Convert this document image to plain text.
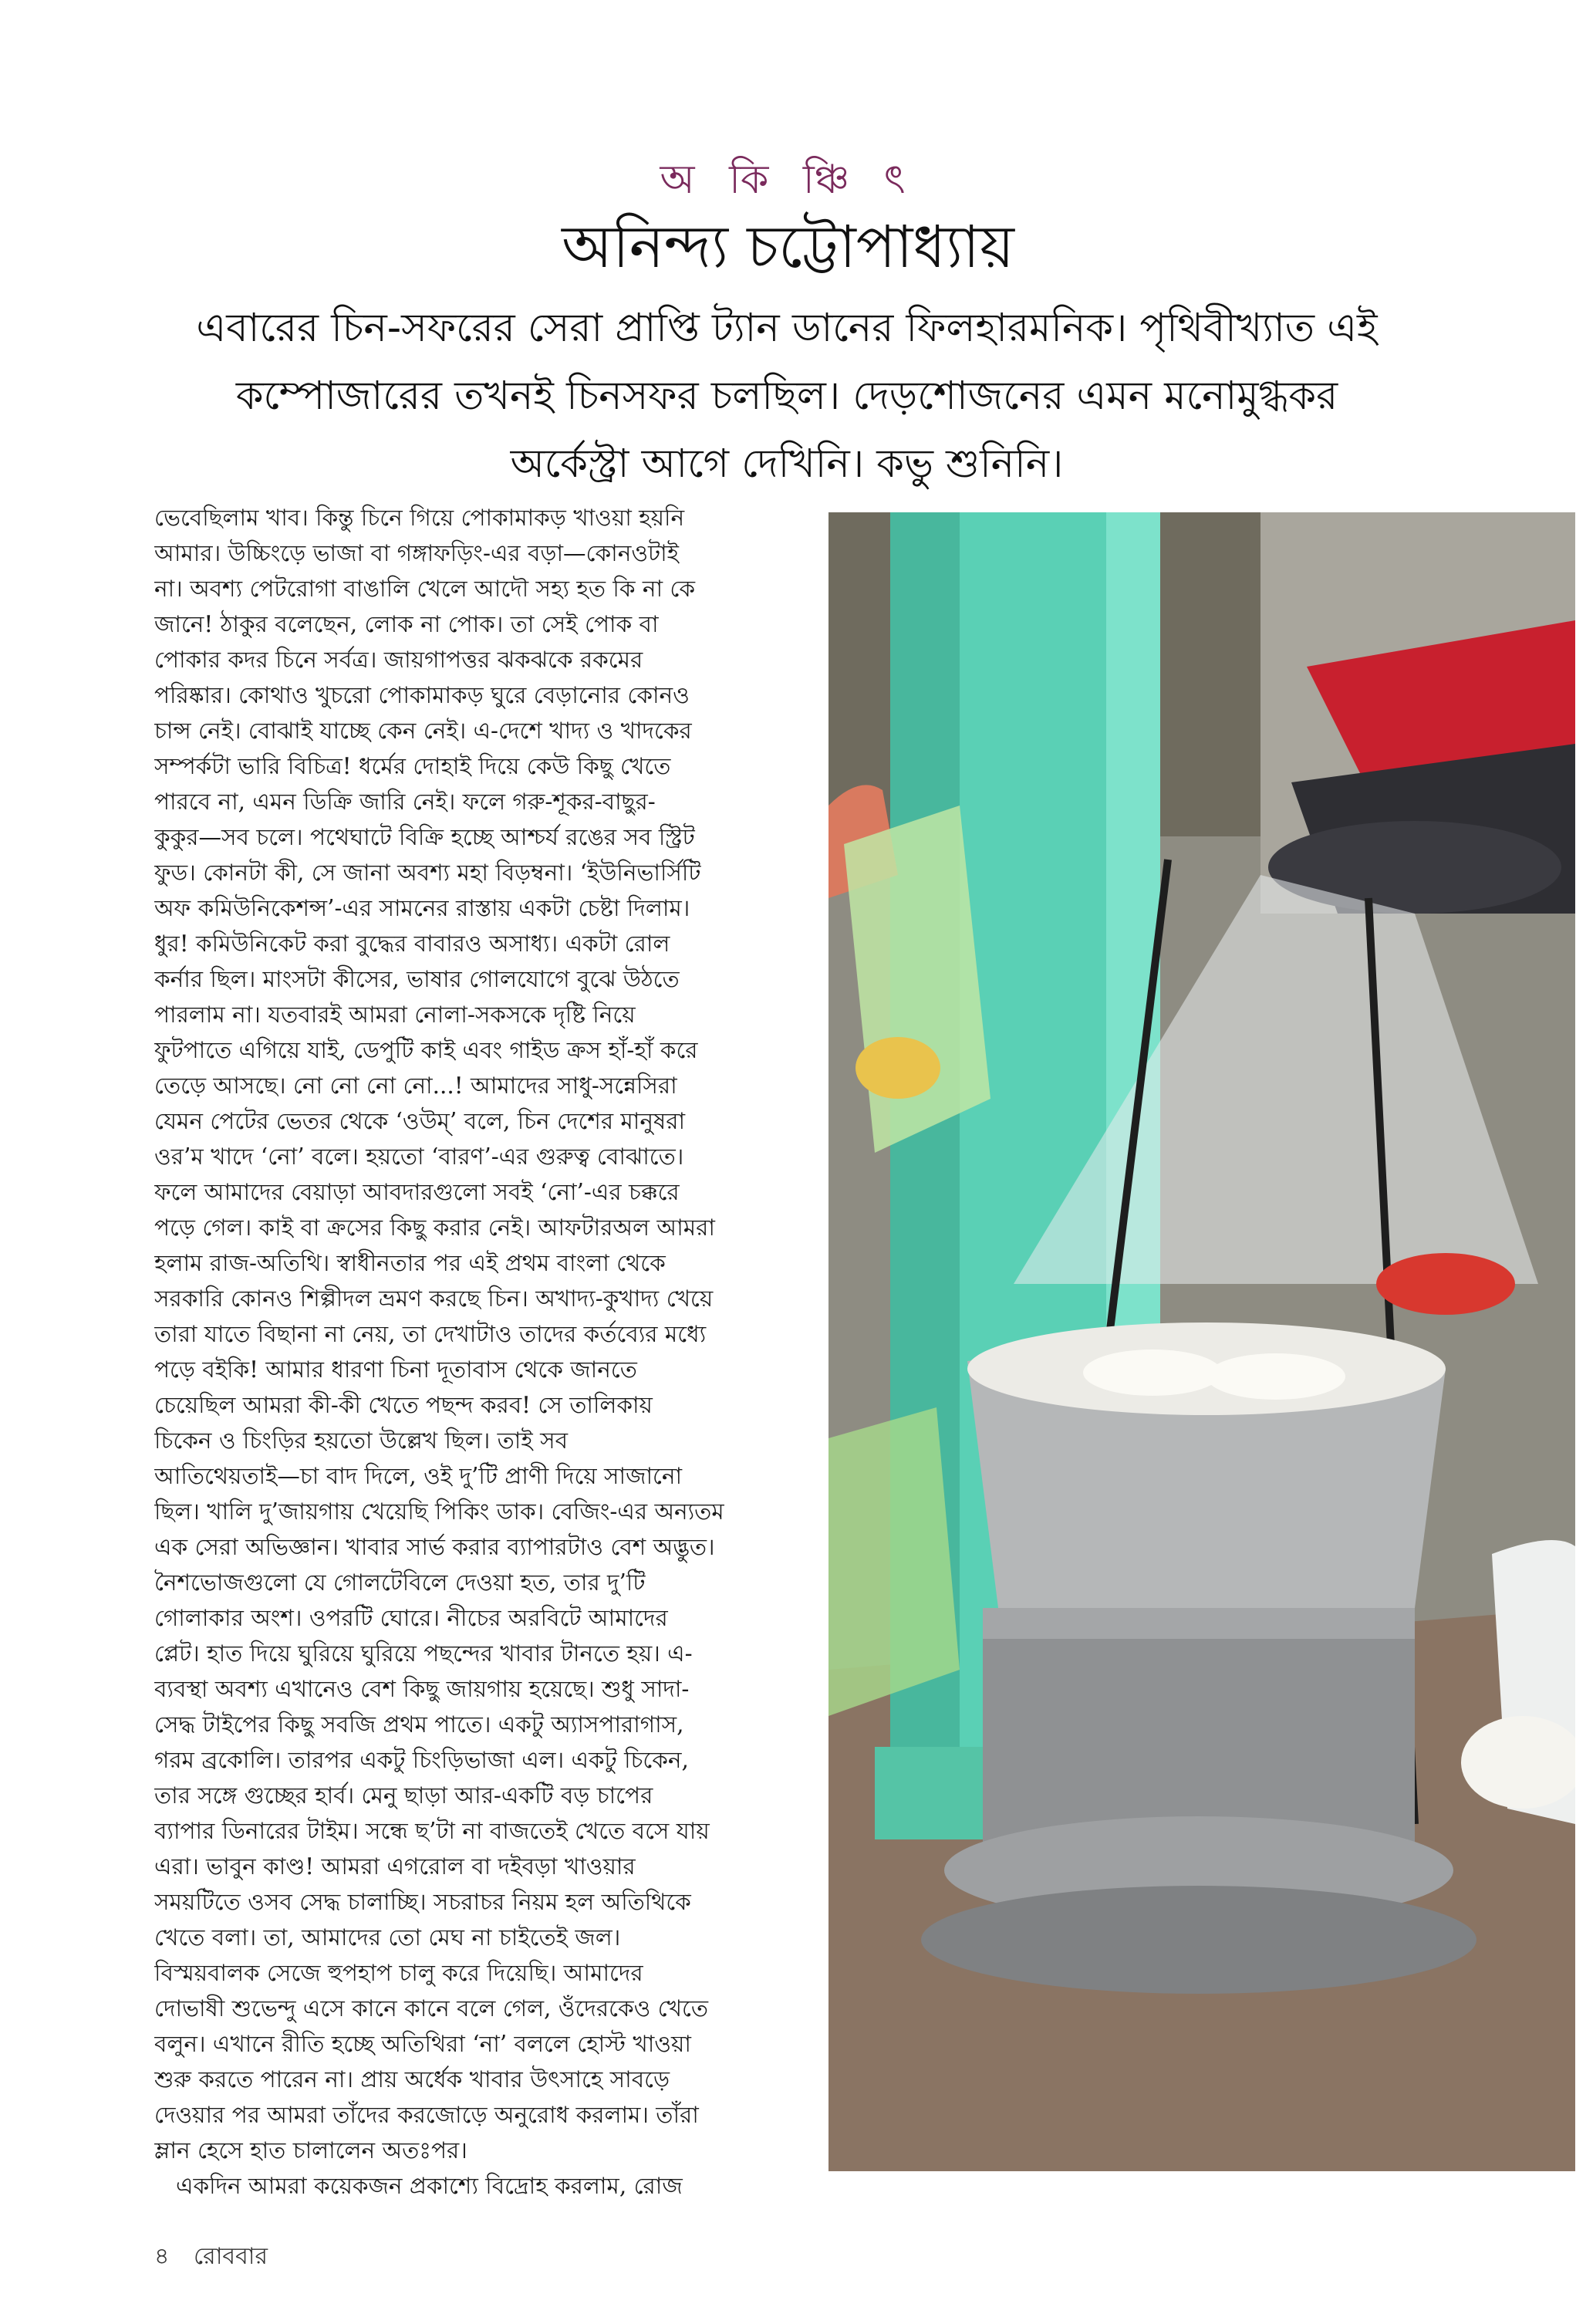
অ কি ঞ্চি ৎ
অনিন্দ্য চট্টোপাধ্যায়
এবারের চিন-সফরের সেরা প্রাপ্তি ট্যান ডানের ফিলহারমনিক। পৃথিবীখ্যাত এই
কম্পোজারের তখনই চিনসফর চলছিল। দেড়শোজনের এমন মনোমুগ্ধকর
অর্কেস্ট্রা আগে দেখিনি। কভু শুনিনি।
ভেবেছিলাম খাব। কিন্তু চিনে গিয়ে পোকামাকড় খাওয়া হয়নি
আমার। উচ্চিংড়ে ভাজা বা গঙ্গাফড়িং-এর বড়া—কোনওটাই
না। অবশ্য পেটরোগা বাঙালি খেলে আদৌ সহ্য হত কি না কে
জানে! ঠাকুর বলেছেন, লোক না পোক। তা সেই পোক বা
পোকার কদর চিনে সর্বত্র। জায়গাপত্তর ঝকঝকে রকমের
পরিষ্কার। কোথাও খুচরো পোকামাকড় ঘুরে বেড়ানোর কোনও
চান্স নেই। বোঝাই যাচ্ছে কেন নেই। এ-দেশে খাদ্য ও খাদকের
সম্পর্কটা ভারি বিচিত্র! ধর্মের দোহাই দিয়ে কেউ কিছু খেতে
পারবে না, এমন ডিক্রি জারি নেই। ফলে গরু-শূকর-বাছুর-
কুকুর—সব চলে। পথেঘাটে বিক্রি হচ্ছে আশ্চর্য রঙের সব স্ট্রিট
ফুড। কোনটা কী, সে জানা অবশ্য মহা বিড়ম্বনা। ‘ইউনিভার্সিটি
অফ কমিউনিকেশন্স’-এর সামনের রাস্তায় একটা চেষ্টা দিলাম।
ধুর! কমিউনিকেট করা বুদ্ধের বাবারও অসাধ্য। একটা রোল
কর্নার ছিল। মাংসটা কীসের, ভাষার গোলযোগে বুঝে উঠতে
পারলাম না। যতবারই আমরা নোলা-সকসকে দৃষ্টি নিয়ে
ফুটপাতে এগিয়ে যাই, ডেপুটি কাই এবং গাইড ক্রস হাঁ-হাঁ করে
তেড়ে আসছে। নো নো নো নো...! আমাদের সাধু-সন্নেসিরা
যেমন পেটের ভেতর থেকে ‘ওউম্’ বলে, চিন দেশের মানুষরা
ওর’ম খাদে ‘নো’ বলে। হয়তো ‘বারণ’-এর গুরুত্ব বোঝাতে।
ফলে আমাদের বেয়াড়া আবদারগুলো সবই ‘নো’-এর চক্করে
পড়ে গেল। কাই বা ক্রসের কিছু করার নেই। আফটারঅল আমরা
হলাম রাজ-অতিথি। স্বাধীনতার পর এই প্রথম বাংলা থেকে
সরকারি কোনও শিল্পীদল ভ্রমণ করছে চিন। অখাদ্য-কুখাদ্য খেয়ে
তারা যাতে বিছানা না নেয়, তা দেখাটাও তাদের কর্তব্যের মধ্যে
পড়ে বইকি! আমার ধারণা চিনা দূতাবাস থেকে জানতে
চেয়েছিল আমরা কী-কী খেতে পছন্দ করব! সে তালিকায়
চিকেন ও চিংড়ির হয়তো উল্লেখ ছিল। তাই সব
আতিথেয়তাই—চা বাদ দিলে, ওই দু’টি প্রাণী দিয়ে সাজানো
ছিল। খালি দু’জায়গায় খেয়েছি পিকিং ডাক। বেজিং-এর অন্যতম
এক সেরা অভিজ্ঞান। খাবার সার্ভ করার ব্যাপারটাও বেশ অদ্ভুত।
নৈশভোজগুলো যে গোলটেবিলে দেওয়া হত, তার দু’টি
গোলাকার অংশ। ওপরটি ঘোরে। নীচের অরবিটে আমাদের
প্লেট। হাত দিয়ে ঘুরিয়ে ঘুরিয়ে পছন্দের খাবার টানতে হয়। এ-
ব্যবস্থা অবশ্য এখানেও বেশ কিছু জায়গায় হয়েছে। শুধু সাদা-
সেদ্ধ টাইপের কিছু সবজি প্রথম পাতে। একটু অ্যাসপারাগাস,
গরম ব্রকোলি। তারপর একটু চিংড়িভাজা এল। একটু চিকেন,
তার সঙ্গে গুচ্ছের হার্ব। মেনু ছাড়া আর-একটি বড় চাপের
ব্যাপার ডিনারের টাইম। সন্ধে ছ’টা না বাজতেই খেতে বসে যায়
এরা। ভাবুন কাণ্ড! আমরা এগরোল বা দইবড়া খাওয়ার
সময়টিতে ওসব সেদ্ধ চালাচ্ছি। সচরাচর নিয়ম হল অতিথিকে
খেতে বলা। তা, আমাদের তো মেঘ না চাইতেই জল।
বিস্ময়বালক সেজে হুপহাপ চালু করে দিয়েছি। আমাদের
দোভাষী শুভেন্দু এসে কানে কানে বলে গেল, ওঁদেরকেও খেতে
বলুন। এখানে রীতি হচ্ছে অতিথিরা ‘না’ বললে হোস্ট খাওয়া
শুরু করতে পারেন না। প্রায় অর্ধেক খাবার উৎসাহে সাবড়ে
দেওয়ার পর আমরা তাঁদের করজোড়ে অনুরোধ করলাম। তাঁরা
ম্লান হেসে হাত চালালেন অতঃপর।
একদিন আমরা কয়েকজন প্রকাশ্যে বিদ্রোহ করলাম, রোজ
৪ রোববার
